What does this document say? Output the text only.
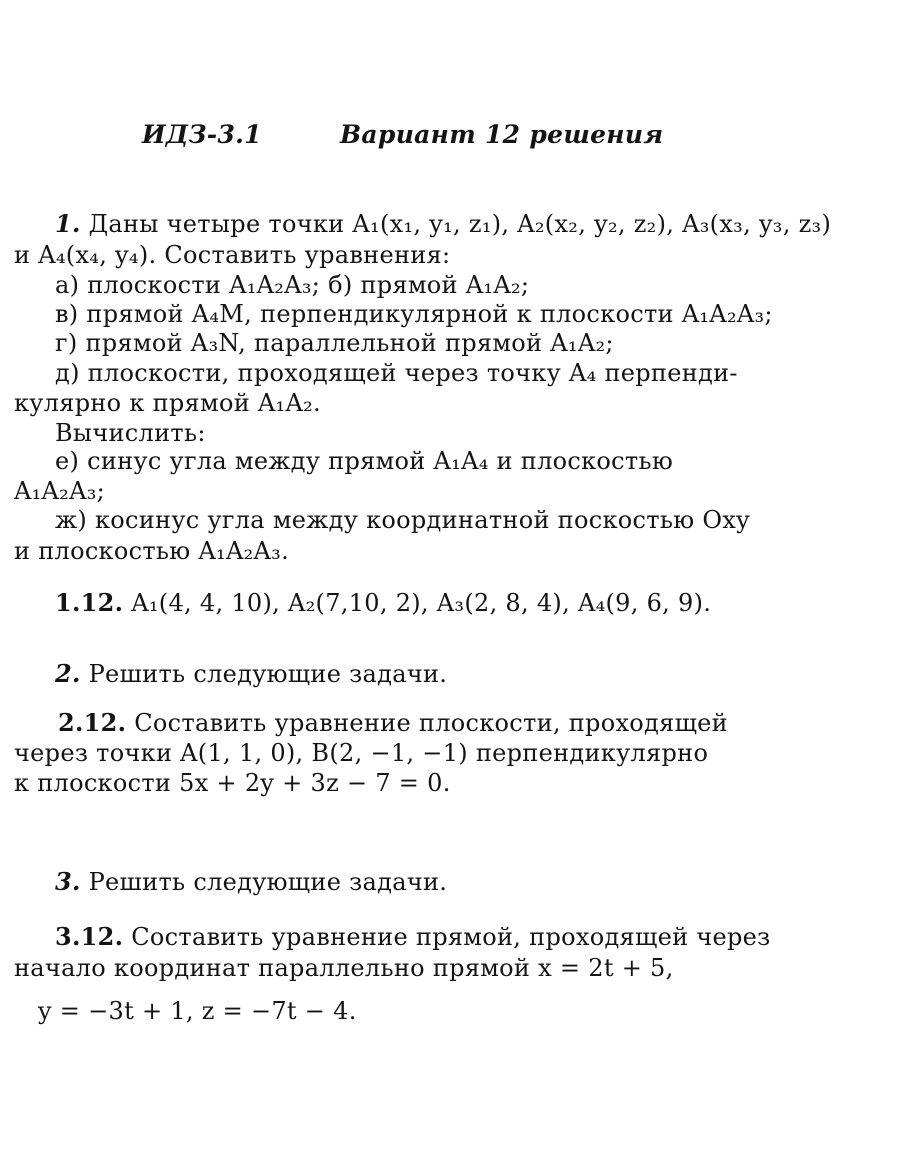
ИДЗ-3.1	Вариант 12 решения
1. Даны четыре точки A₁(x₁, y₁, z₁), A₂(x₂, y₂, z₂), A₃(x₃, y₃, z₃)
и A₄(x₄, y₄). Составить уравнения:
а) плоскости A₁A₂A₃; б) прямой A₁A₂;
в) прямой A₄M, перпендикулярной к плоскости A₁A₂A₃;
г) прямой A₃N, параллельной прямой A₁A₂;
д) плоскости, проходящей через точку A₄ перпенди-
кулярно к прямой A₁A₂.
Вычислить:
е) синус угла между прямой A₁A₄ и плоскостью
A₁A₂A₃;
ж) косинус угла между координатной поскостью Oxy
и плоскостью A₁A₂A₃.
1.12. A₁(4, 4, 10), A₂(7,10, 2), A₃(2, 8, 4), A₄(9, 6, 9).
2. Решить следующие задачи.
2.12. Составить уравнение плоскости, проходящей
через точки A(1, 1, 0), B(2, −1, −1) перпендикулярно
к плоскости 5x + 2y + 3z − 7 = 0.
3. Решить следующие задачи.
3.12. Составить уравнение прямой, проходящей через
начало координат параллельно прямой x = 2t + 5,
y = −3t + 1, z = −7t − 4.
